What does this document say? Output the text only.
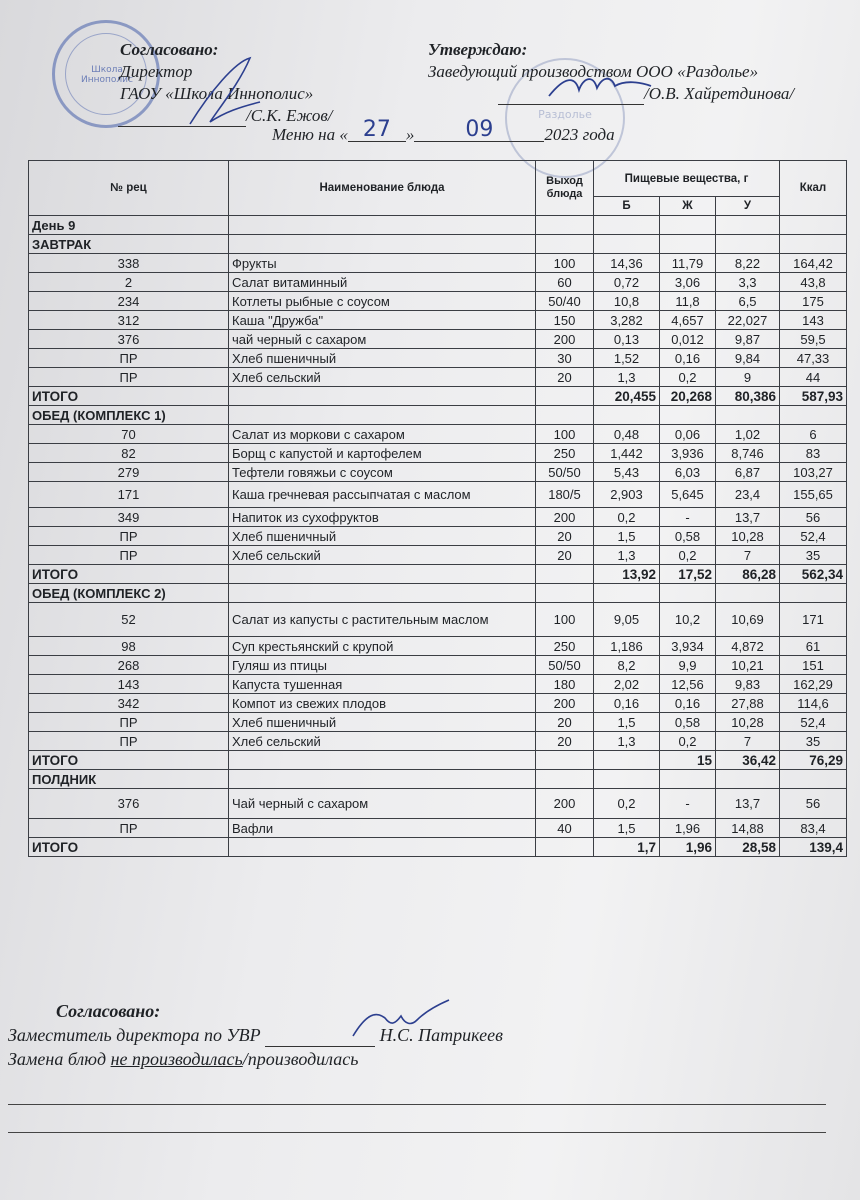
Школа Иннополис
Раздолье
Согласовано:
Директор
ГАОУ «Школа Иннополис»
/С.К. Ежов/
Утверждаю:
Заведующий производством ООО «Раздолье»
/О.В. Хайретдинова/
Меню на « 27 » 09	2023 года
№ рец	Наименование блюда	Выход блюда	Пищевые вещества, г			Ккал
			Б	Ж	У	
День 9						
ЗАВТРАК						
338	Фрукты	100	14,36	11,79	8,22	164,42
2	Салат витаминный	60	0,72	3,06	3,3	43,8
234	Котлеты рыбные с соусом	50/40	10,8	11,8	6,5	175
312	Каша "Дружба"	150	3,282	4,657	22,027	143
376	чай черный с сахаром	200	0,13	0,012	9,87	59,5
ПР	Хлеб пшеничный	30	1,52	0,16	9,84	47,33
ПР	Хлеб сельский	20	1,3	0,2	9	44
ИТОГО			20,455	20,268	80,386	587,93
ОБЕД (КОМПЛЕКС 1)						
70	Салат из моркови с сахаром	100	0,48	0,06	1,02	6
82	Борщ с капустой и картофелем	250	1,442	3,936	8,746	83
279	Тефтели говяжьи с соусом	50/50	5,43	6,03	6,87	103,27
171	Каша гречневая рассыпчатая с маслом	180/5	2,903	5,645	23,4	155,65
349	Напиток из сухофруктов	200	0,2	-	13,7	56
ПР	Хлеб пшеничный	20	1,5	0,58	10,28	52,4
ПР	Хлеб сельский	20	1,3	0,2	7	35
ИТОГО			13,92	17,52	86,28	562,34
ОБЕД (КОМПЛЕКС 2)						
52	Салат из капусты с растительным маслом	100	9,05	10,2	10,69	171
98	Суп крестьянский с крупой	250	1,186	3,934	4,872	61
268	Гуляш из птицы	50/50	8,2	9,9	10,21	151
143	Капуста тушенная	180	2,02	12,56	9,83	162,29
342	Компот из свежих плодов	200	0,16	0,16	27,88	114,6
ПР	Хлеб пшеничный	20	1,5	0,58	10,28	52,4
ПР	Хлеб сельский	20	1,3	0,2	7	35
ИТОГО				15	36,42	76,29
ПОЛДНИК						
376	Чай черный с сахаром	200	0,2	-	13,7	56
ПР	Вафли	40	1,5	1,96	14,88	83,4
ИТОГО			1,7	1,96	28,58	139,4
Согласовано:
Заместитель директора по УВР	Н.С. Патрикеев
Замена блюд не производилась/производилась
